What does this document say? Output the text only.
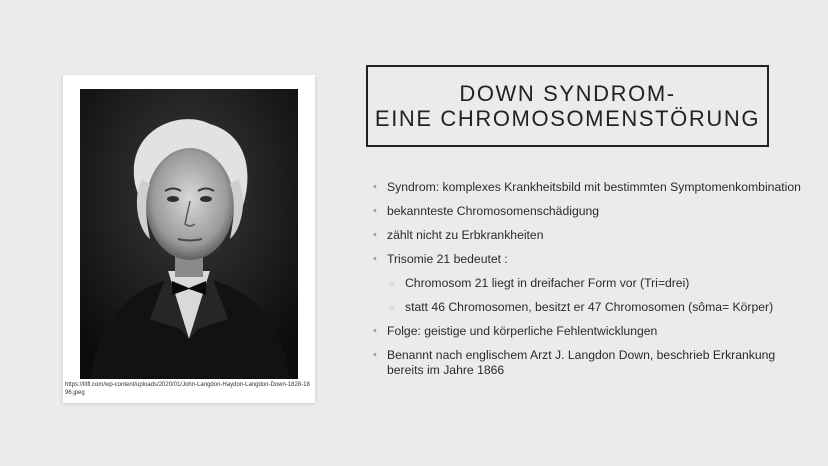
https://litfl.com/wp-content/uploads/2020/01/John-Langdon-Haydon-Langdon-Down-1828-1896.jpeg
DOWN SYNDROM-
EINE CHROMOSOMENSTÖRUNG
• Syndrom: komplexes Krankheitsbild mit bestimmten Symptomenkombination
• bekannteste Chromosomenschädigung
• zählt nicht zu Erbkrankheiten
• Trisomie 21 bedeutet :
○ Chromosom 21 liegt in dreifacher Form vor (Tri=drei)
○ statt 46 Chromosomen, besitzt er 47 Chromosomen (sôma= Körper)
• Folge: geistige und körperliche Fehlentwicklungen
• Benannt nach englischem Arzt J. Langdon Down, beschrieb Erkrankung bereits im Jahre 1866
